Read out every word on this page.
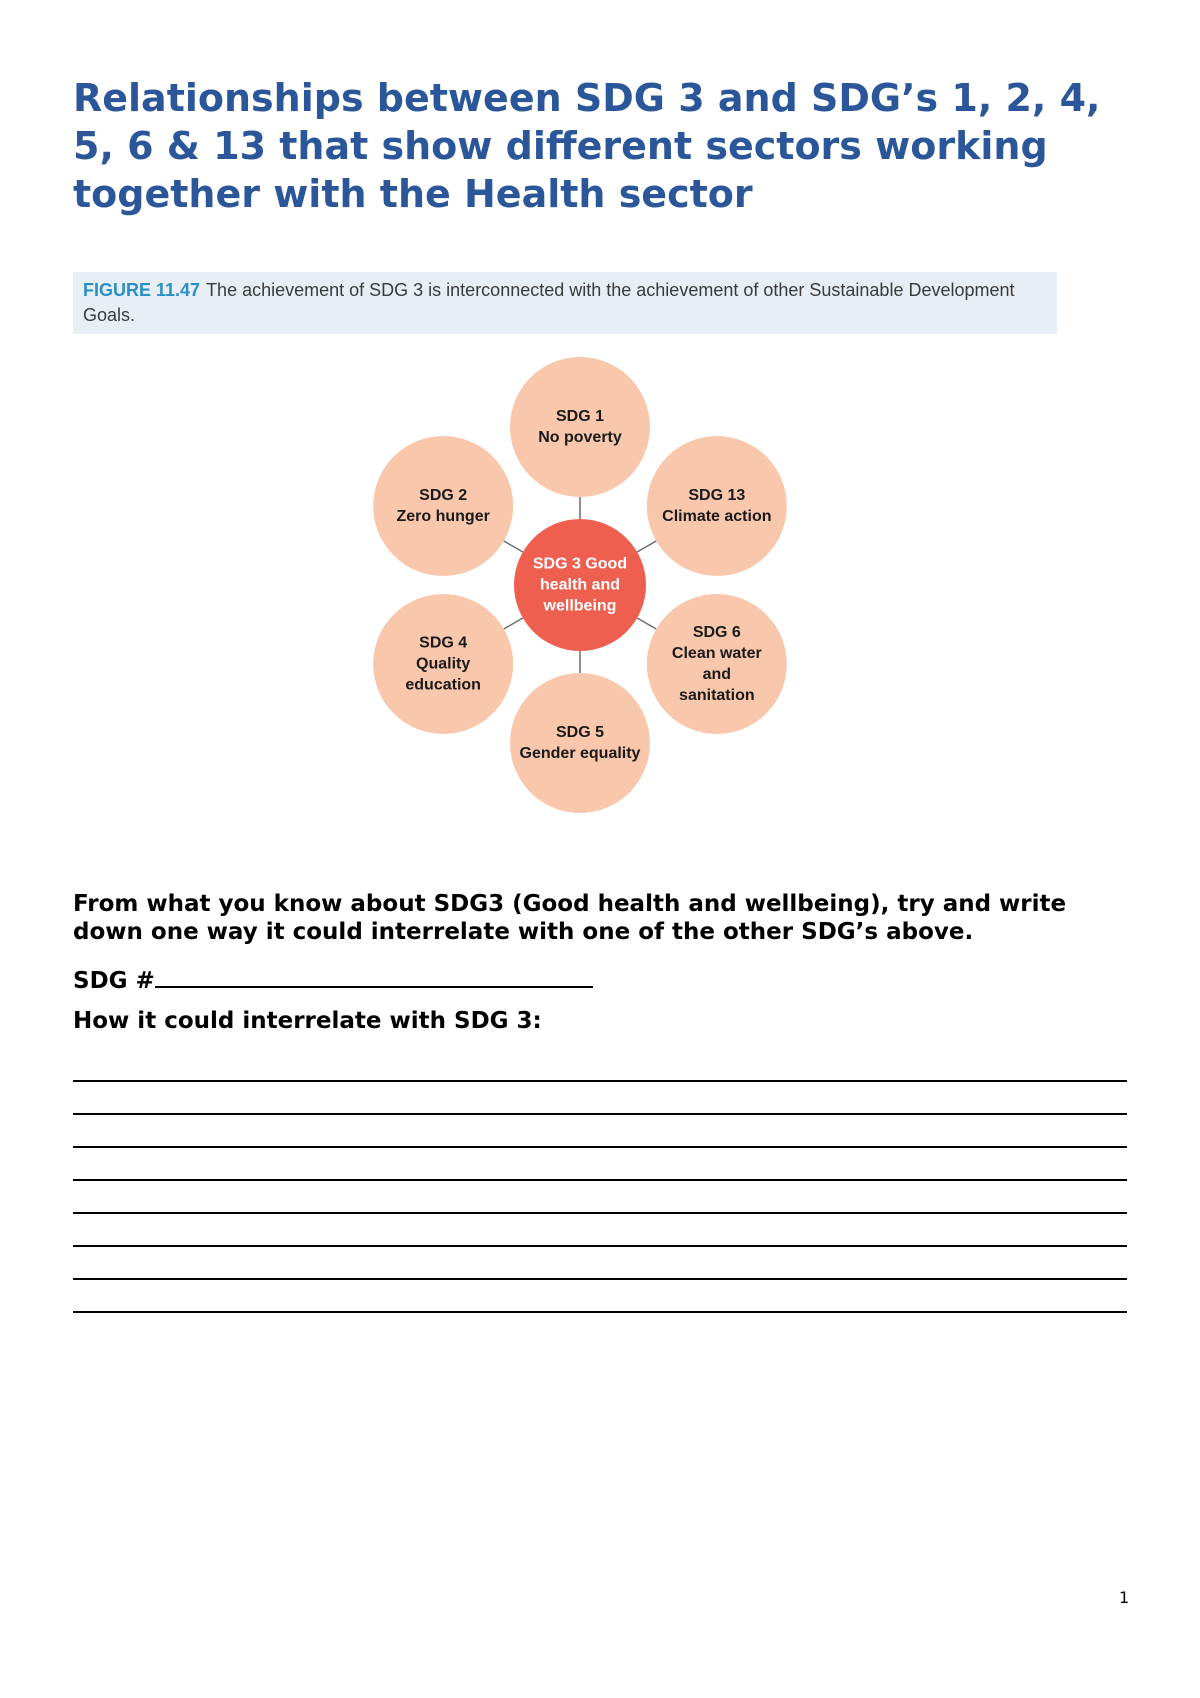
Relationships between SDG 3 and SDG’s 1, 2, 4, 5, 6 & 13 that show different sectors working together with the Health sector
FIGURE 11.47 The achievement of SDG 3 is interconnected with the achievement of other Sustainable Development Goals.
SDG 1
No poverty
SDG 13
Climate action
SDG 6
Clean water
and
sanitation
SDG 5
Gender equality
SDG 4
Quality
education
SDG 2
Zero hunger
SDG 3 Good
health and
wellbeing

From what you know about SDG3 (Good health and wellbeing), try and write down one way it could interrelate with one of the other SDG’s above.

SDG #

How it could interrelate with SDG 3:

1
